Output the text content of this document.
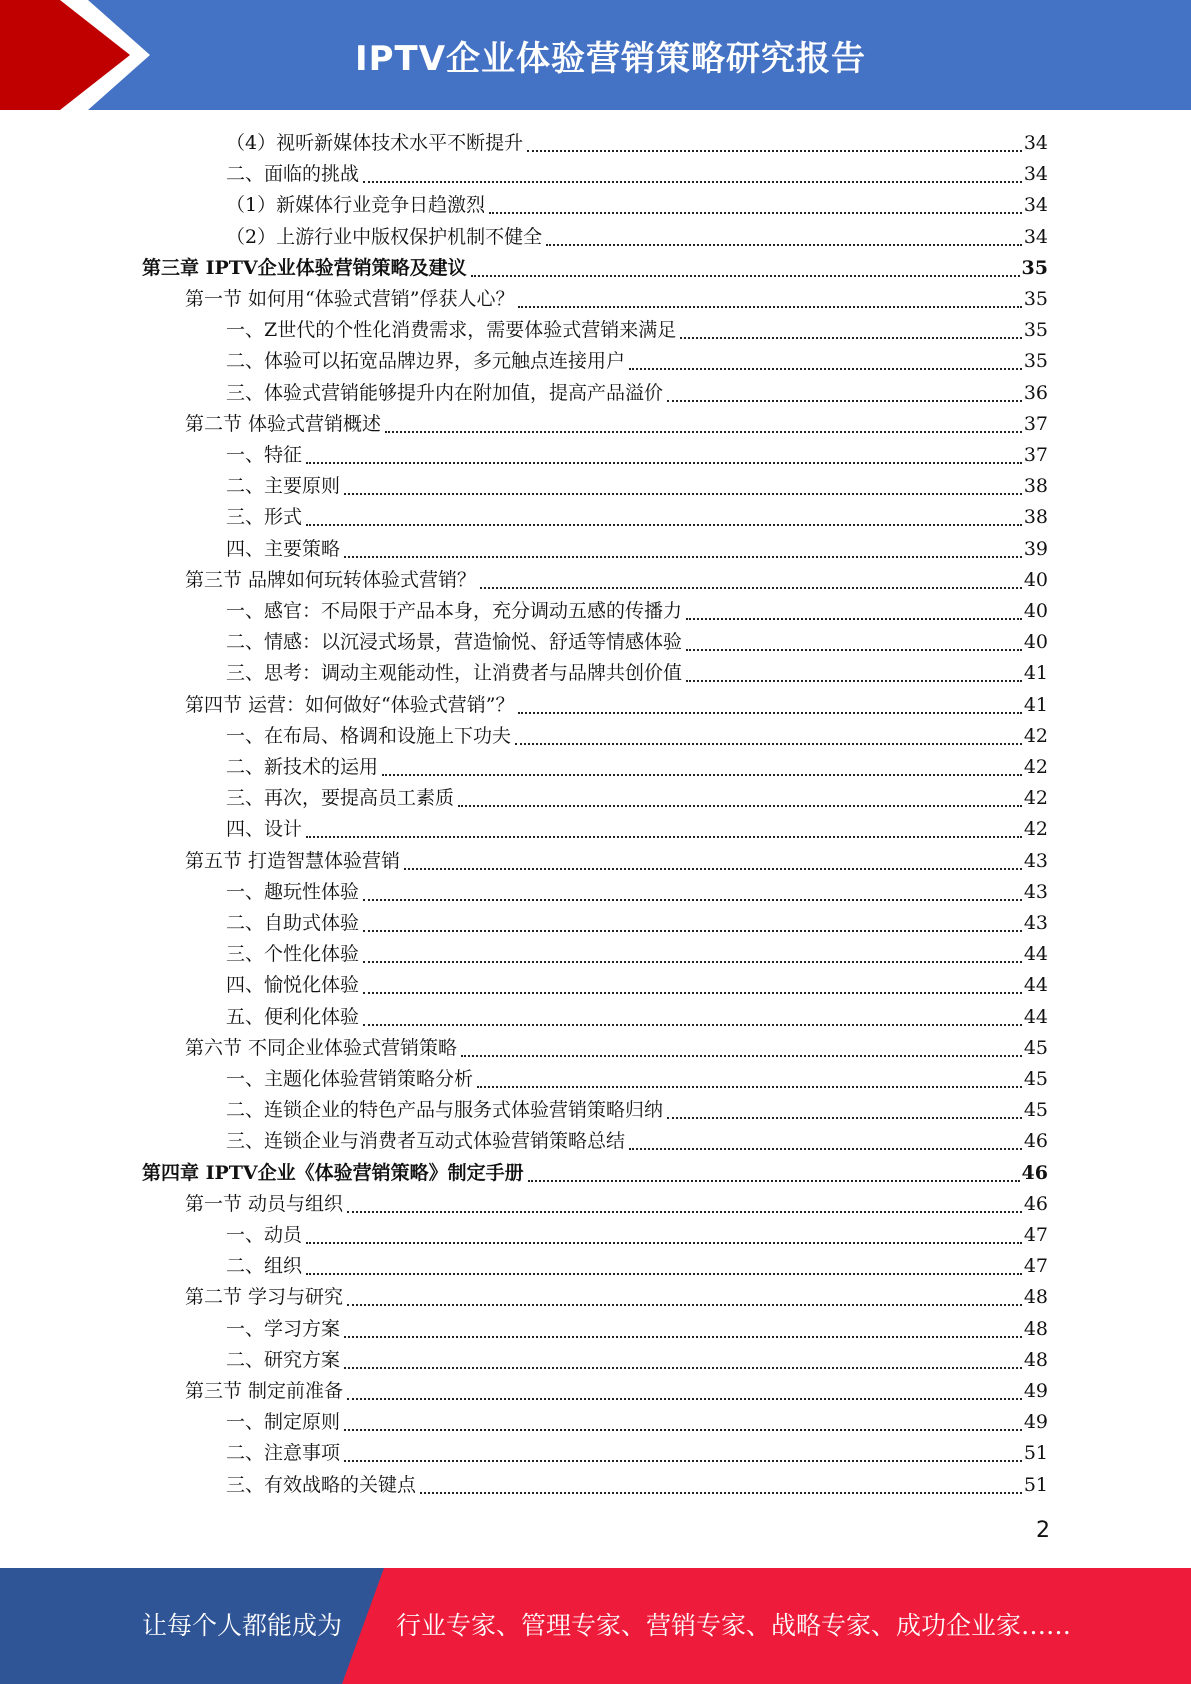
IPTV企业体验营销策略研究报告
（4）视听新媒体技术水平不断提升	34
二、面临的挑战	34
（1）新媒体行业竞争日趋激烈	34
（2）上游行业中版权保护机制不健全	34
第三章 IPTV企业体验营销策略及建议	35
第一节 如何用“体验式营销”俘获人心？	35
一、Z世代的个性化消费需求，需要体验式营销来满足	35
二、体验可以拓宽品牌边界，多元触点连接用户	35
三、体验式营销能够提升内在附加值，提高产品溢价	36
第二节 体验式营销概述	37
一、特征	37
二、主要原则	38
三、形式	38
四、主要策略	39
第三节 品牌如何玩转体验式营销？	40
一、感官：不局限于产品本身，充分调动五感的传播力	40
二、情感：以沉浸式场景，营造愉悦、舒适等情感体验	40
三、思考：调动主观能动性，让消费者与品牌共创价值	41
第四节 运营：如何做好“体验式营销”？	41
一、在布局、格调和设施上下功夫	42
二、新技术的运用	42
三、再次，要提高员工素质	42
四、设计	42
第五节 打造智慧体验营销	43
一、趣玩性体验	43
二、自助式体验	43
三、个性化体验	44
四、愉悦化体验	44
五、便利化体验	44
第六节 不同企业体验式营销策略	45
一、主题化体验营销策略分析	45
二、连锁企业的特色产品与服务式体验营销策略归纳	45
三、连锁企业与消费者互动式体验营销策略总结	46
第四章 IPTV企业《体验营销策略》制定手册	46
第一节 动员与组织	46
一、动员	47
二、组织	47
第二节 学习与研究	48
一、学习方案	48
二、研究方案	48
第三节 制定前准备	49
一、制定原则	49
二、注意事项	51
三、有效战略的关键点	51
2
让每个人都能成为 行业专家、管理专家、营销专家、战略专家、成功企业家……
